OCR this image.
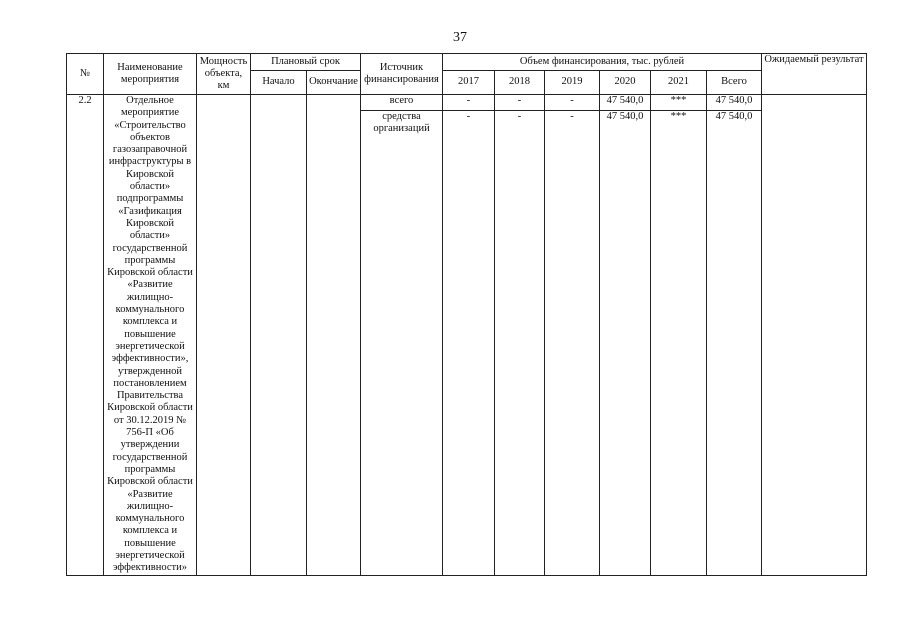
37
№	Наименование мероприятия	Мощность объекта, км	Плановый срок		Источник финансирования	Объем финансирования, тыс. рублей						Ожидаемый результат
			Начало	Окончание		2017	2018	2019	2020	2021	Всего	
2.2	Отдельное мероприятие «Строительство объектов газозаправочной инфраструктуры в Кировской области» подпрограммы «Газификация Кировской области» государственной программы Кировской области «Развитие жилищно-коммунального комплекса и повышение энергетической эффективности», утвержденной постановлением Правительства Кировской области от 30.12.2019 № 756-П «Об утверждении государственной программы Кировской области «Развитие жилищно-коммунального комплекса и повышение энергетической эффективности»				всего	-	-	-	47 540,0	***	47 540,0	
					средства организаций	-	-	-	47 540,0	***	47 540,0	
